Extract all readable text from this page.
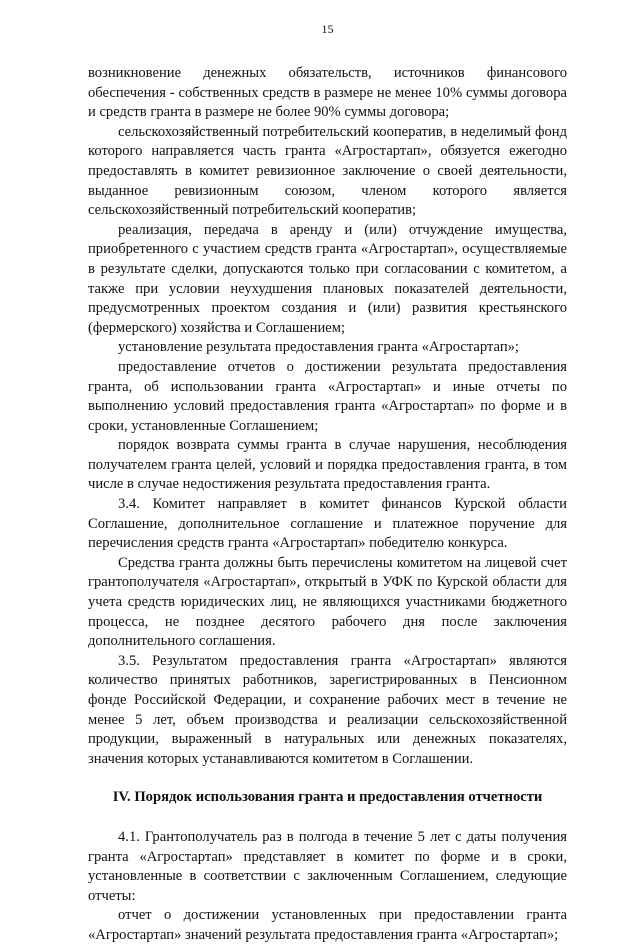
15

возникновение денежных обязательств, источников финансового обеспечения - собственных средств в размере не менее 10% суммы договора и средств гранта в размере не более 90% суммы договора;

сельскохозяйственный потребительский кооператив, в неделимый фонд которого направляется часть гранта «Агростартап», обязуется ежегодно предоставлять в комитет ревизионное заключение о своей деятельности, выданное ревизионным союзом, членом которого является сельскохозяйственный потребительский кооператив;

реализация, передача в аренду и (или) отчуждение имущества, приобретенного с участием средств гранта «Агростартап», осуществляемые в результате сделки, допускаются только при согласовании с комитетом, а также при условии неухудшения плановых показателей деятельности, предусмотренных проектом создания и (или) развития крестьянского (фермерского) хозяйства и Соглашением;

установление результата предоставления гранта «Агростартап»;

предоставление отчетов о достижении результата предоставления гранта, об использовании гранта «Агростартап» и иные отчеты по выполнению условий предоставления гранта «Агростартап» по форме и в сроки, установленные Соглашением;

порядок возврата суммы гранта в случае нарушения, несоблюдения получателем гранта целей, условий и порядка предоставления гранта, в том числе в случае недостижения результата предоставления гранта.

3.4. Комитет направляет в комитет финансов Курской области Соглашение, дополнительное соглашение и платежное поручение для перечисления средств гранта «Агростартап» победителю конкурса.

Средства гранта должны быть перечислены комитетом на лицевой счет грантополучателя «Агростартап», открытый в УФК по Курской области для учета средств юридических лиц, не являющихся участниками бюджетного процесса, не позднее десятого рабочего дня после заключения дополнительного соглашения.

3.5. Результатом предоставления гранта «Агростартап» являются количество принятых работников, зарегистрированных в Пенсионном фонде Российской Федерации, и сохранение рабочих мест в течение не менее 5 лет, объем производства и реализации сельскохозяйственной продукции, выраженный в натуральных или денежных показателях, значения которых устанавливаются комитетом в Соглашении.

IV. Порядок использования гранта и предоставления отчетности

4.1. Грантополучатель раз в полгода в течение 5 лет с даты получения гранта «Агростартап» представляет в комитет по форме и в сроки, установленные в соответствии с заключенным Соглашением, следующие отчеты:

отчет о достижении установленных при предоставлении гранта «Агростартап» значений результата предоставления гранта «Агростартап»;
